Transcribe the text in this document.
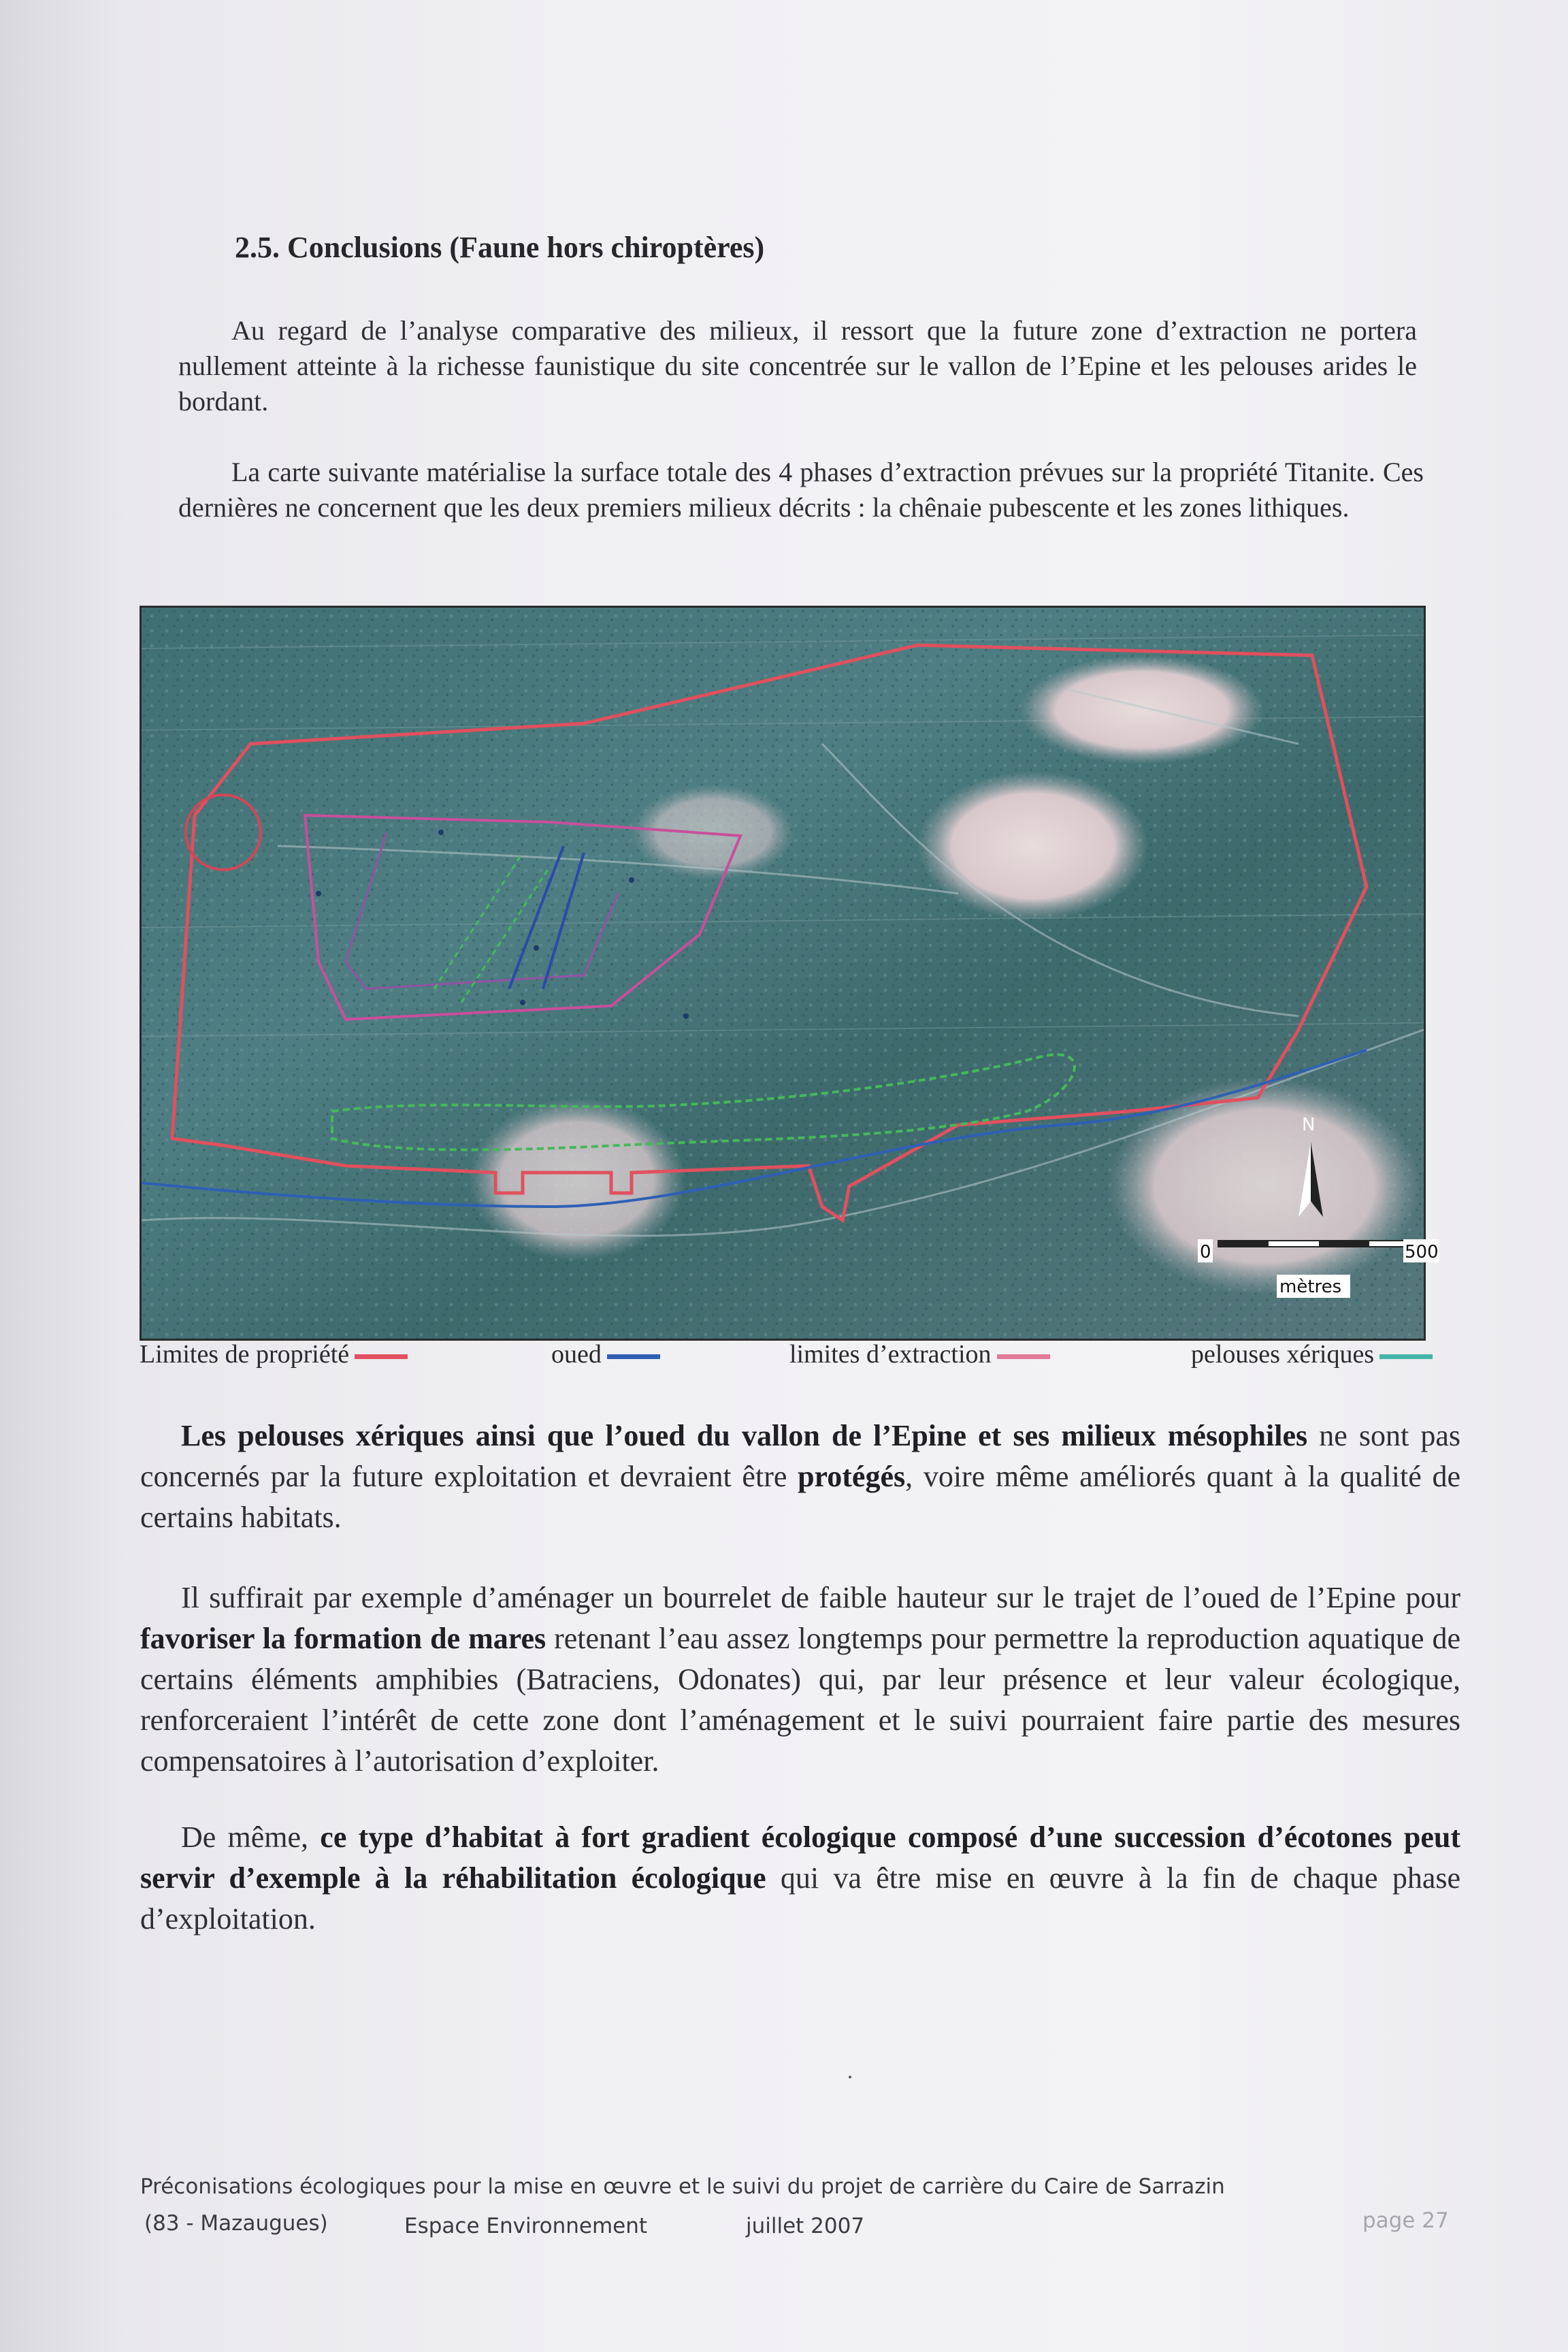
2.5. Conclusions (Faune hors chiroptères)
Au regard de l’analyse comparative des milieux, il ressort que la future zone d’extraction ne portera nullement atteinte à la richesse faunistique du site concentrée sur le vallon de l’Epine et les pelouses arides le bordant.
La carte suivante matérialise la surface totale des 4 phases d’extraction prévues sur la propriété Titanite. Ces dernières ne concernent que les deux premiers milieux décrits : la chênaie pubescente et les zones lithiques.
N
0	500
mètres
Limites de propriété	oued	limites d’extraction	pelouses xériques
Les pelouses xériques ainsi que l’oued du vallon de l’Epine et ses milieux mésophiles ne sont pas concernés par la future exploitation et devraient être protégés, voire même améliorés quant à la qualité de certains habitats.
Il suffirait par exemple d’aménager un bourrelet de faible hauteur sur le trajet de l’oued de l’Epine pour favoriser la formation de mares retenant l’eau assez longtemps pour permettre la reproduction aquatique de certains éléments amphibies (Batraciens, Odonates) qui, par leur présence et leur valeur écologique, renforceraient l’intérêt de cette zone dont l’aménagement et le suivi pourraient faire partie des mesures compensatoires à l’autorisation d’exploiter.
De même, ce type d’habitat à fort gradient écologique composé d’une succession d’écotones peut servir d’exemple à la réhabilitation écologique qui va être mise en œuvre à la fin de chaque phase d’exploitation.
Préconisations écologiques pour la mise en œuvre et le suivi du projet de carrière du Caire de Sarrazin
(83 - Mazaugues)	Espace Environnement	juillet 2007	page 27
